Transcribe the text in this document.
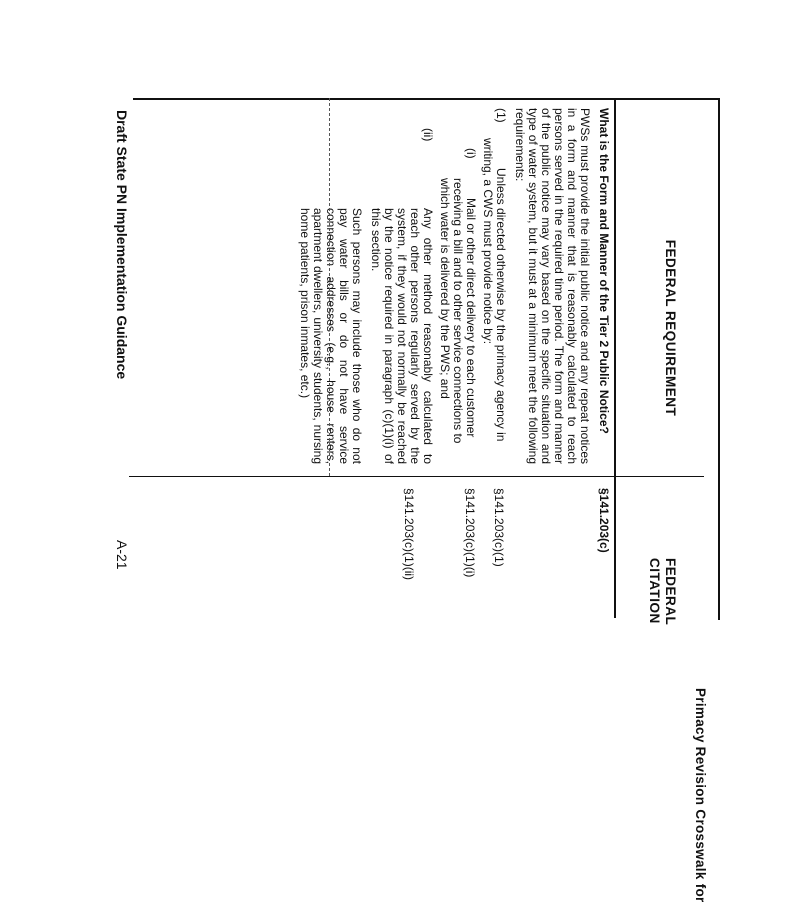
Primacy Revision Crosswalk for
FEDERAL REQUIREMENT
FEDERAL CITATION
What is the Form and Manner of the Tier 2 Public Notice?
PWSs must provide the initial public notice and any repeat notices in a form and manner that is reasonably calculated to reach persons served in the required time period. The form and manner of the public notice may vary based on the specific situation and type of water system, but it must at a minimum meet the following requirements:
(1)
Unless directed otherwise by the primacy agency in writing, a CWS must provide notice by:
(i)
Mail or other direct delivery to each customer receiving a bill and to other service connections to which water is delivered by the PWS; and
(ii)
Any other method reasonably calculated to reach other persons regularly served by the system, if they would not normally be reached by the notice required in paragraph (c)(1)(i) of this section.
Such persons may include those who do not pay water bills or do not have service connection addresses (e.g., house renters, apartment dwellers, university students, nursing home patients, prison inmates, etc.)
§141.203(c)
§141.203(c)(1)
§141.203(c)(1)(i)
§141.203(c)(1)(ii)
Draft State PN Implementation Guidance
A-21
